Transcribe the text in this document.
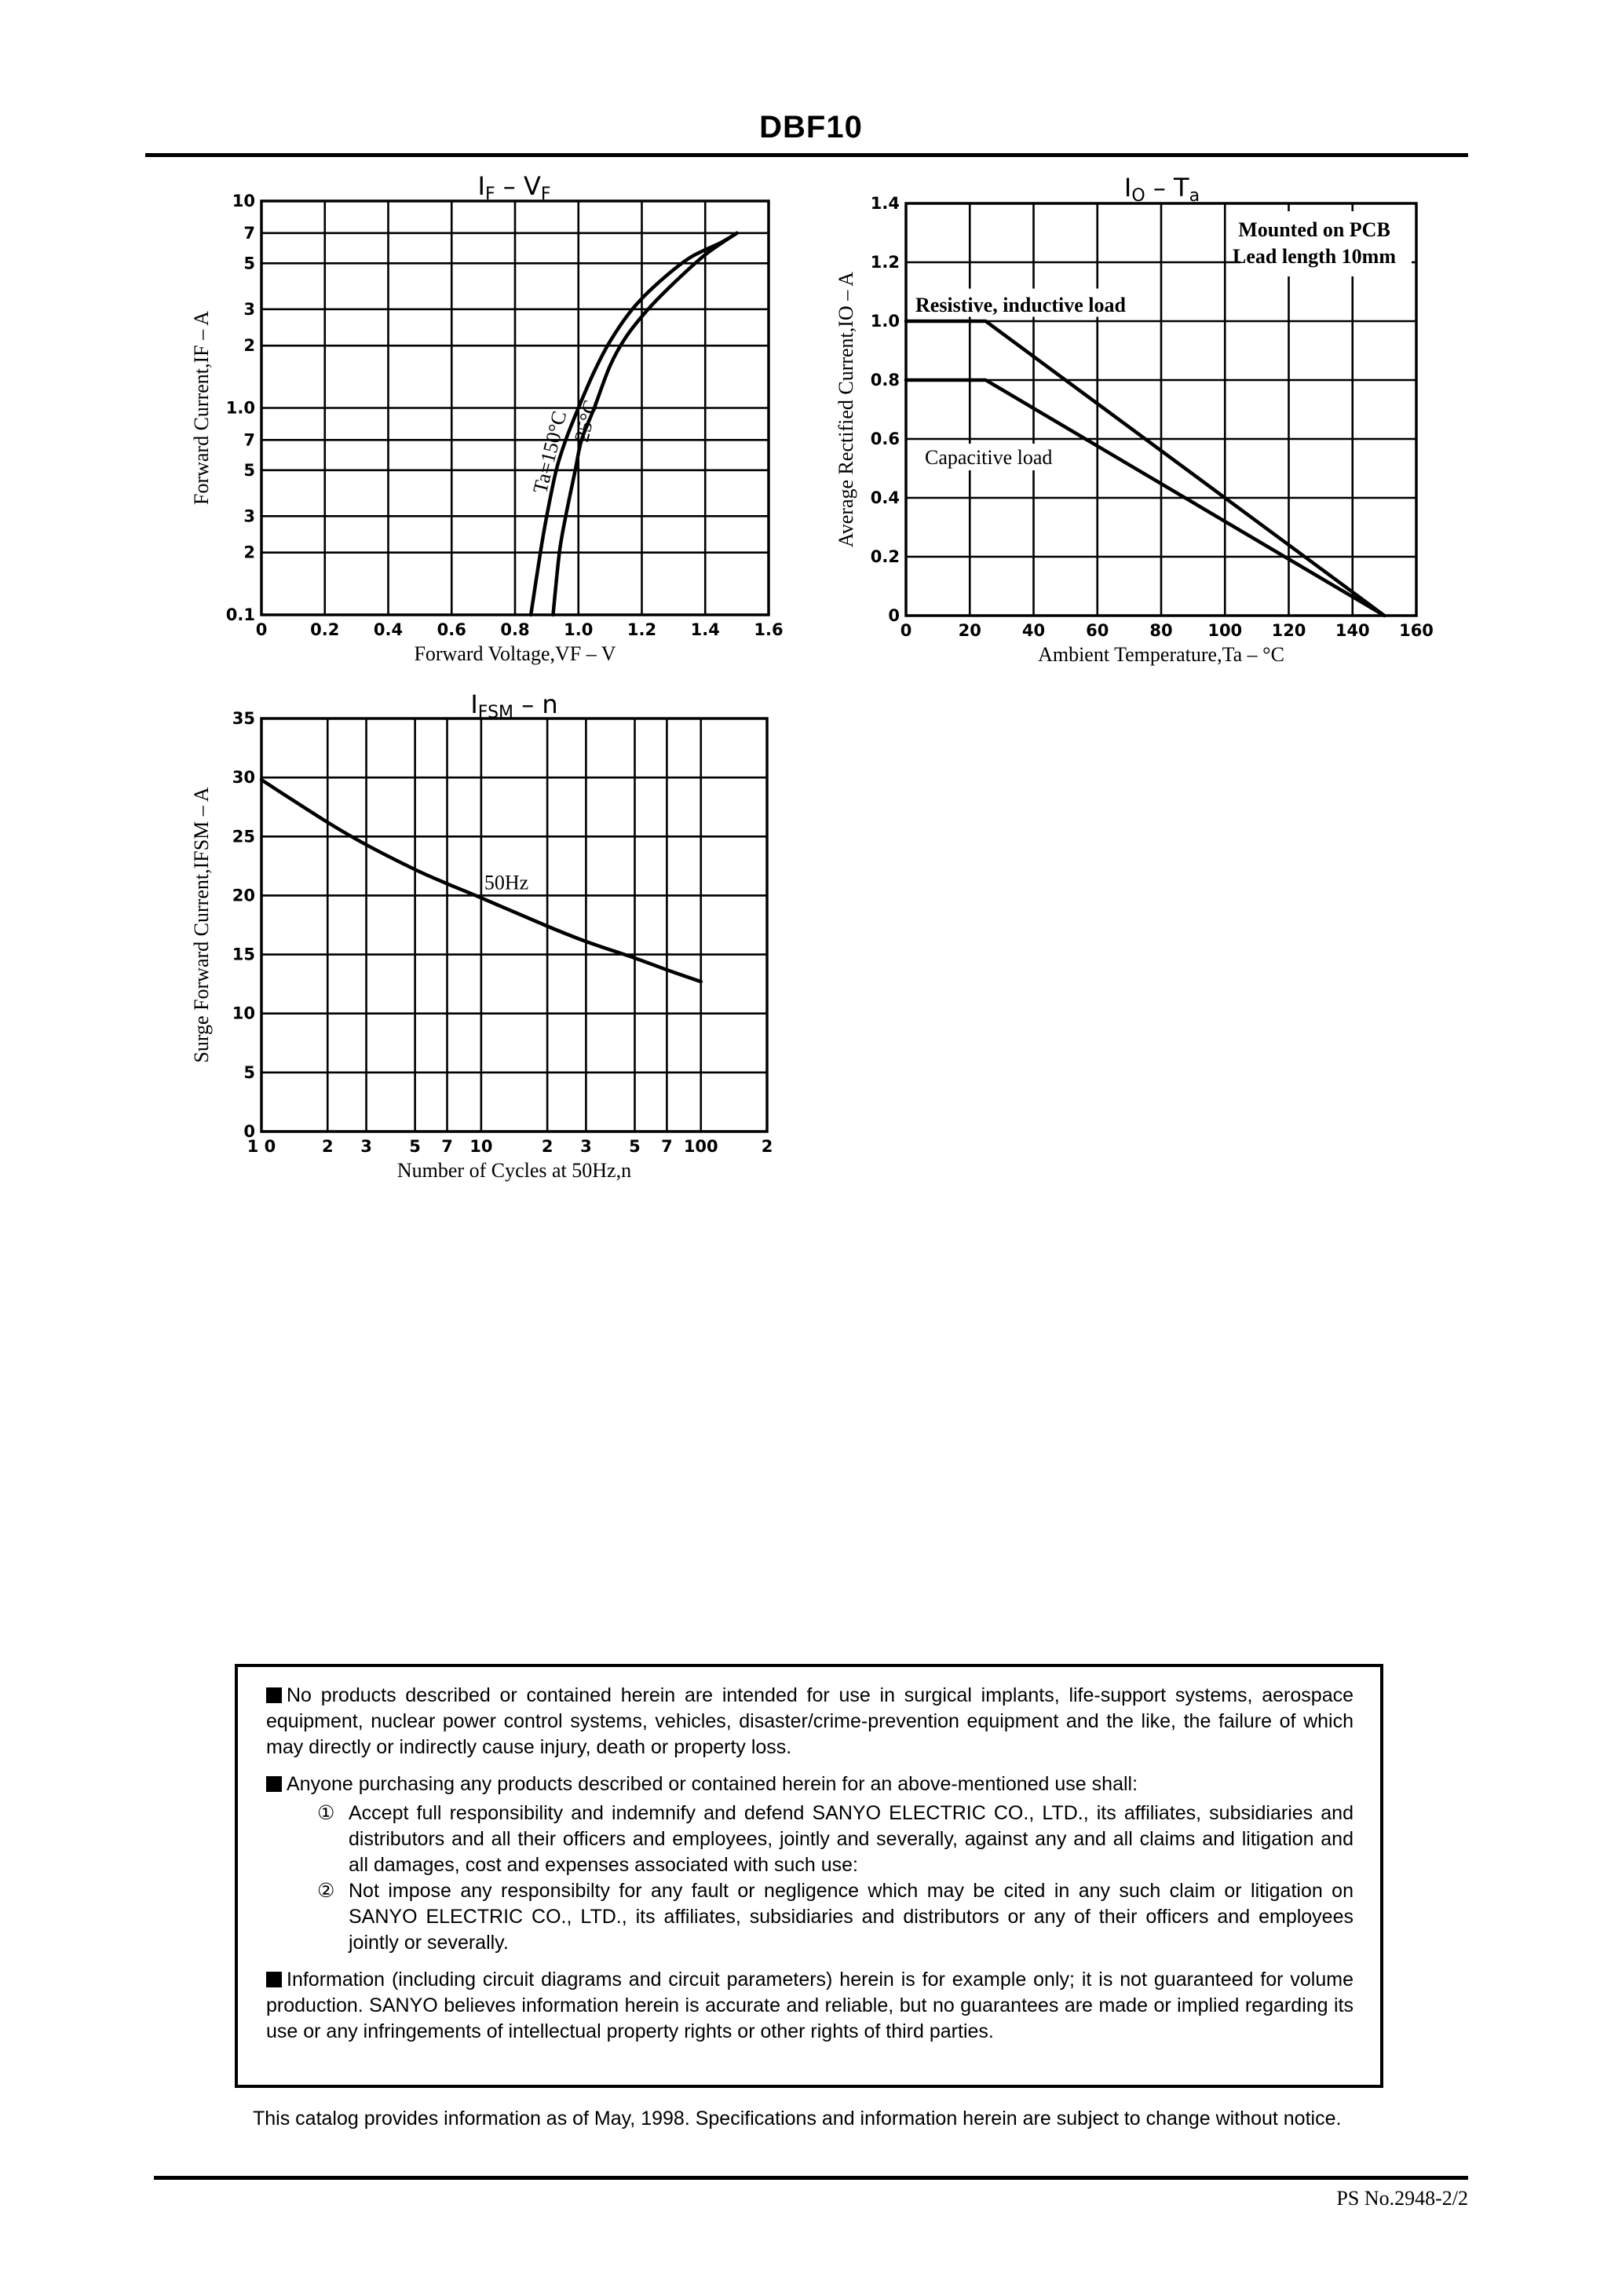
DBF10
0	0.2 0.4 0.6 0.8 1.0 1.2 1.4 1.6
10
7
5
3
2
1.0
7
5
3
2
0.1
IF – VF
Forward Voltage,VF – V
Forward Current,IF – A	Ta=150°C
25°C
0	20 40 60 80 100 120 140 160
0
0.2
0.4
0.6
0.8
1.0
1.2
1.4
IO – Ta
Ambient Temperature,Ta – °C
Average Rectified Current,IO – A
Mounted on PCB
Lead length 10mm
Resistive, inductive load
Capacitive load
1 0	2 3 5 7 10	2 3 5 7 100	2
0
5
10
15
20
25
30
35	IFSM – n
Number of Cycles at 50Hz,n
Surge Forward Current,IFSM – A	50Hz
No products described or contained herein are intended for use in surgical implants, life-support systems, aerospace equipment, nuclear power control systems, vehicles, disaster/crime-prevention equipment and the like, the failure of which may directly or indirectly cause injury, death or property loss.
Anyone purchasing any products described or contained herein for an above-mentioned use shall:
① Accept full responsibility and indemnify and defend SANYO ELECTRIC CO., LTD., its affiliates, subsidiaries and distributors and all their officers and employees, jointly and severally, against any and all claims and litigation and all damages, cost and expenses associated with such use:
② Not impose any responsibilty for any fault or negligence which may be cited in any such claim or litigation on SANYO ELECTRIC CO., LTD., its affiliates, subsidiaries and distributors or any of their officers and employees jointly or severally.
Information (including circuit diagrams and circuit parameters) herein is for example only; it is not guaranteed for volume production. SANYO believes information herein is accurate and reliable, but no guarantees are made or implied regarding its use or any infringements of intellectual property rights or other rights of third parties.
This catalog provides information as of May, 1998. Specifications and information herein are subject to change without notice.
PS No.2948-2/2
